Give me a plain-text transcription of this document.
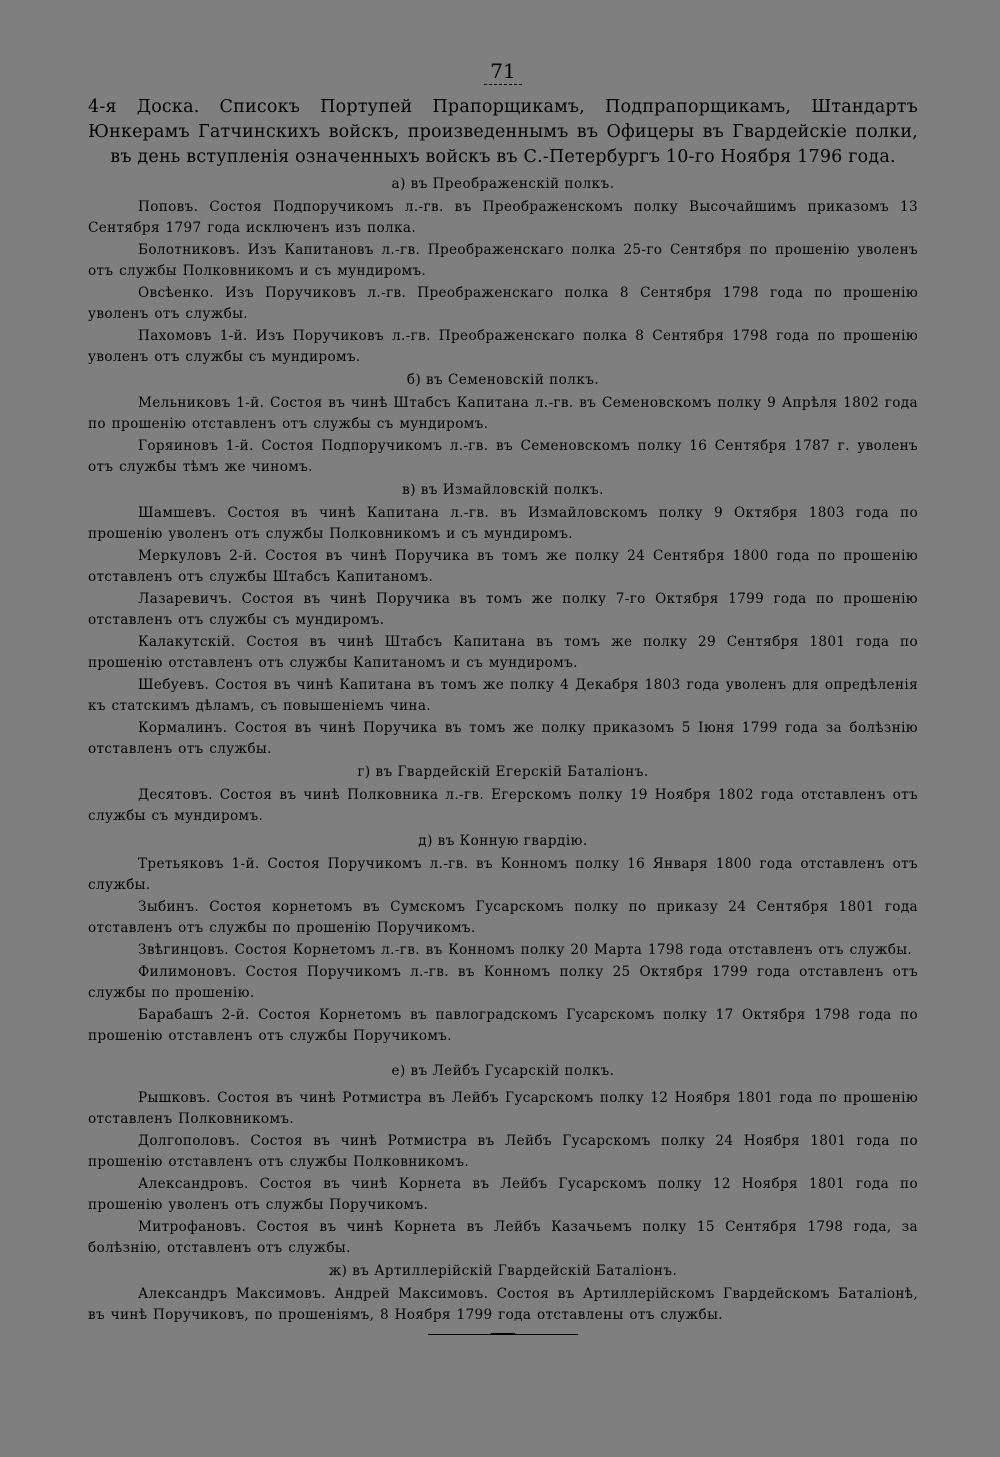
71
4-я Доска. Списокъ Портупей Прапорщикамъ, Подпрапорщикамъ, Штандартъ Юнкерамъ Гатчинскихъ войскъ, произведеннымъ въ Офицеры въ Гвардейскіе полки, въ день вступленія означенныхъ войскъ въ С.-Петербургъ 10-го Ноября 1796 года.
а) въ Преображенскій полкъ.
Поповъ. Состоя Подпоручикомъ л.-гв. въ Преображенскомъ полку Высочайшимъ приказомъ 13 Сентября 1797 года исключенъ изъ полка.
Болотниковъ. Изъ Капитановъ л.-гв. Преображенскаго полка 25-го Сентября по прошенію уволенъ отъ службы Полковникомъ и съ мундиромъ.
Овсѣенко. Изъ Поручиковъ л.-гв. Преображенскаго полка 8 Сентября 1798 года по прошенію уволенъ отъ службы.
Пахомовъ 1-й. Изъ Поручиковъ л.-гв. Преображенскаго полка 8 Сентября 1798 года по прошенію уволенъ отъ службы съ мундиромъ.
б) въ Семеновскій полкъ.
Мельниковъ 1-й. Состоя въ чинѣ Штабсъ Капитана л.-гв. въ Семеновскомъ полку 9 Апрѣля 1802 года по прошенію отставленъ отъ службы съ мундиромъ.
Горяиновъ 1-й. Состоя Подпоручикомъ л.-гв. въ Семеновскомъ полку 16 Сентября 1787 г. уволенъ отъ службы тѣмъ же чиномъ.
в) въ Измайловскій полкъ.
Шамшевъ. Состоя въ чинѣ Капитана л.-гв. въ Измайловскомъ полку 9 Октября 1803 года по прошенію уволенъ отъ службы Полковникомъ и съ мундиромъ.
Меркуловъ 2-й. Состоя въ чинѣ Поручика въ томъ же полку 24 Сентября 1800 года по прошенію отставленъ отъ службы Штабсъ Капитаномъ.
Лазаревичъ. Состоя въ чинѣ Поручика въ томъ же полку 7-го Октября 1799 года по прошенію отставленъ отъ службы съ мундиромъ.
Калакутскій. Состоя въ чинѣ Штабсъ Капитана въ томъ же полку 29 Сентября 1801 года по прошенію отставленъ отъ службы Капитаномъ и съ мундиромъ.
Шебуевъ. Состоя въ чинѣ Капитана въ томъ же полку 4 Декабря 1803 года уволенъ для опредѣленія къ статскимъ дѣламъ, съ повышеніемъ чина.
Кормалинъ. Состоя въ чинѣ Поручика въ томъ же полку приказомъ 5 Іюня 1799 года за болѣзнію отставленъ отъ службы.
г) въ Гвардейскій Егерскій Баталіонъ.
Десятовъ. Состоя въ чинѣ Полковника л.-гв. Егерскомъ полку 19 Ноября 1802 года отставленъ отъ службы съ мундиромъ.
д) въ Конную гвардію.
Третьяковъ 1-й. Состоя Поручикомъ л.-гв. въ Конномъ полку 16 Января 1800 года отставленъ отъ службы.
Зыбинъ. Состоя корнетомъ въ Сумскомъ Гусарскомъ полку по приказу 24 Сентября 1801 года отставленъ отъ службы по прошенію Поручикомъ.
Звѣгинцовъ. Состоя Корнетомъ л.-гв. въ Конномъ полку 20 Марта 1798 года отставленъ отъ службы.
Филимоновъ. Состоя Поручикомъ л.-гв. въ Конномъ полку 25 Октября 1799 года отставленъ отъ службы по прошенію.
Барабашъ 2-й. Состоя Корнетомъ въ павлоградскомъ Гусарскомъ полку 17 Октября 1798 года по прошенію отставленъ отъ службы Поручикомъ.
е) въ Лейбъ Гусарскій полкъ.
Рышковъ. Состоя въ чинѣ Ротмистра въ Лейбъ Гусарскомъ полку 12 Ноября 1801 года по прошенію отставленъ Полковникомъ.
Долгополовъ. Состоя въ чинѣ Ротмистра въ Лейбъ Гусарскомъ полку 24 Ноября 1801 года по прошенію отставленъ отъ службы Полковникомъ.
Александровъ. Состоя въ чинѣ Корнета въ Лейбъ Гусарскомъ полку 12 Ноября 1801 года по прошенію уволенъ отъ службы Поручикомъ.
Митрофановъ. Состоя въ чинѣ Корнета въ Лейбъ Казачьемъ полку 15 Сентября 1798 года, за болѣзнію, отставленъ отъ службы.
ж) въ Артиллерійскій Гвардейскій Баталіонъ.
Александръ Максимовъ. Андрей Максимовъ. Состоя въ Артиллерійскомъ Гвардейскомъ Баталіонѣ, въ чинѣ Поручиковъ, по прошеніямъ, 8 Ноября 1799 года отставлены отъ службы.
